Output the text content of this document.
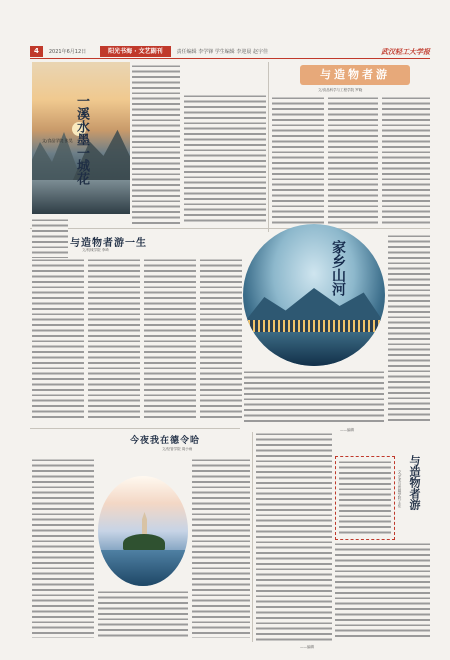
4	2021年6月12日	阳光书海 · 文艺副刊	责任编辑 李学锋 学生编辑 李迎晨 赵宇佳	武汉轻工大学报
一溪水墨一城花
文/食品学院 张昊
与造物者游
文/食品科学与工程学院 罗晓
与造物者游一生
文/机械学院 李琦	家乡山河
——编辑
今夜我在德令哈
文/经管学院 周小雨
与造物者游
文/艺术与传媒学院 王佳
——编辑
